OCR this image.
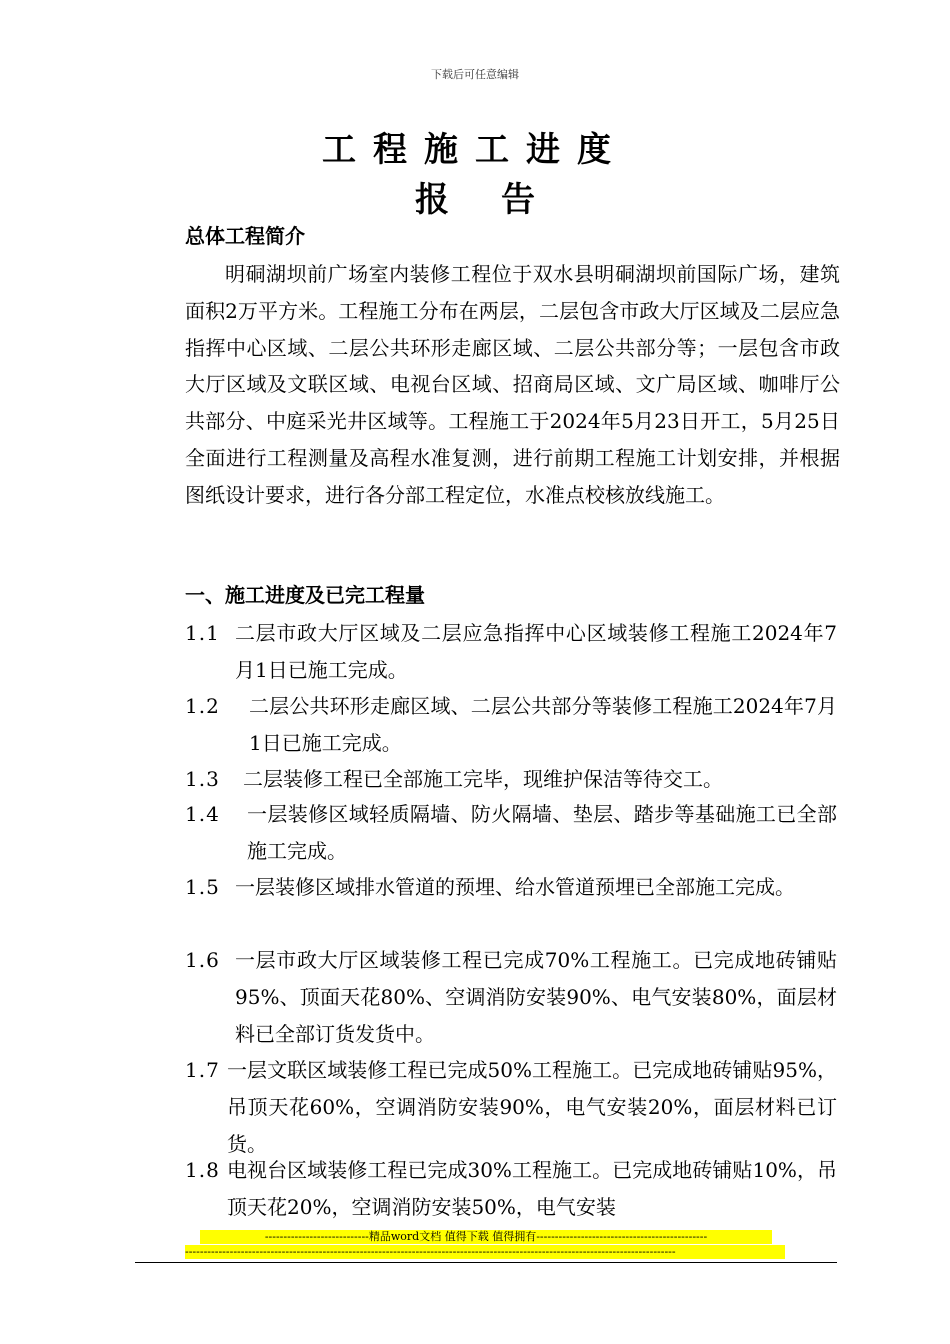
下载后可任意编辑
工程施工进度
报 告
总体工程简介
明硐湖坝前广场室内装修工程位于双水县明硐湖坝前国际广场，建筑面积2万平方米。工程施工分布在两层，二层包含市政大厅区域及二层应急指挥中心区域、二层公共环形走廊区域、二层公共部分等；一层包含市政大厅区域及文联区域、电视台区域、招商局区域、文广局区域、咖啡厅公共部分、中庭采光井区域等。工程施工于2024年5月23日开工，5月25日全面进行工程测量及高程水准复测，进行前期工程施工计划安排，并根据图纸设计要求，进行各分部工程定位，水准点校核放线施工。
一、施工进度及已完工程量
1.1 二层市政大厅区域及二层应急指挥中心区域装修工程施工2024年7月1日已施工完成。
1.2	二层公共环形走廊区域、二层公共部分等装修工程施工2024年7月1日已施工完成。
1.3	二层装修工程已全部施工完毕，现维护保洁等待交工。
1.4	一层装修区域轻质隔墙、防火隔墙、垫层、踏步等基础施工已全部施工完成。
1.5 一层装修区域排水管道的预埋、给水管道预埋已全部施工完成。
1.6 一层市政大厅区域装修工程已完成70%工程施工。已完成地砖铺贴95%、顶面天花80%、空调消防安装90%、电气安装80%，面层材料已全部订货发货中。
1.7 一层文联区域装修工程已完成50%工程施工。已完成地砖铺贴95%，吊顶天花60%，空调消防安装90%，电气安装20%，面层材料已订货。
1.8 电视台区域装修工程已完成30%工程施工。已完成地砖铺贴10%，吊顶天花20%，空调消防安装50%，电气安装
----------------------------精品word文档 值得下载 值得拥有----------------------------------------------
------------------------------------------------------------------------------------------------------------------------------------
